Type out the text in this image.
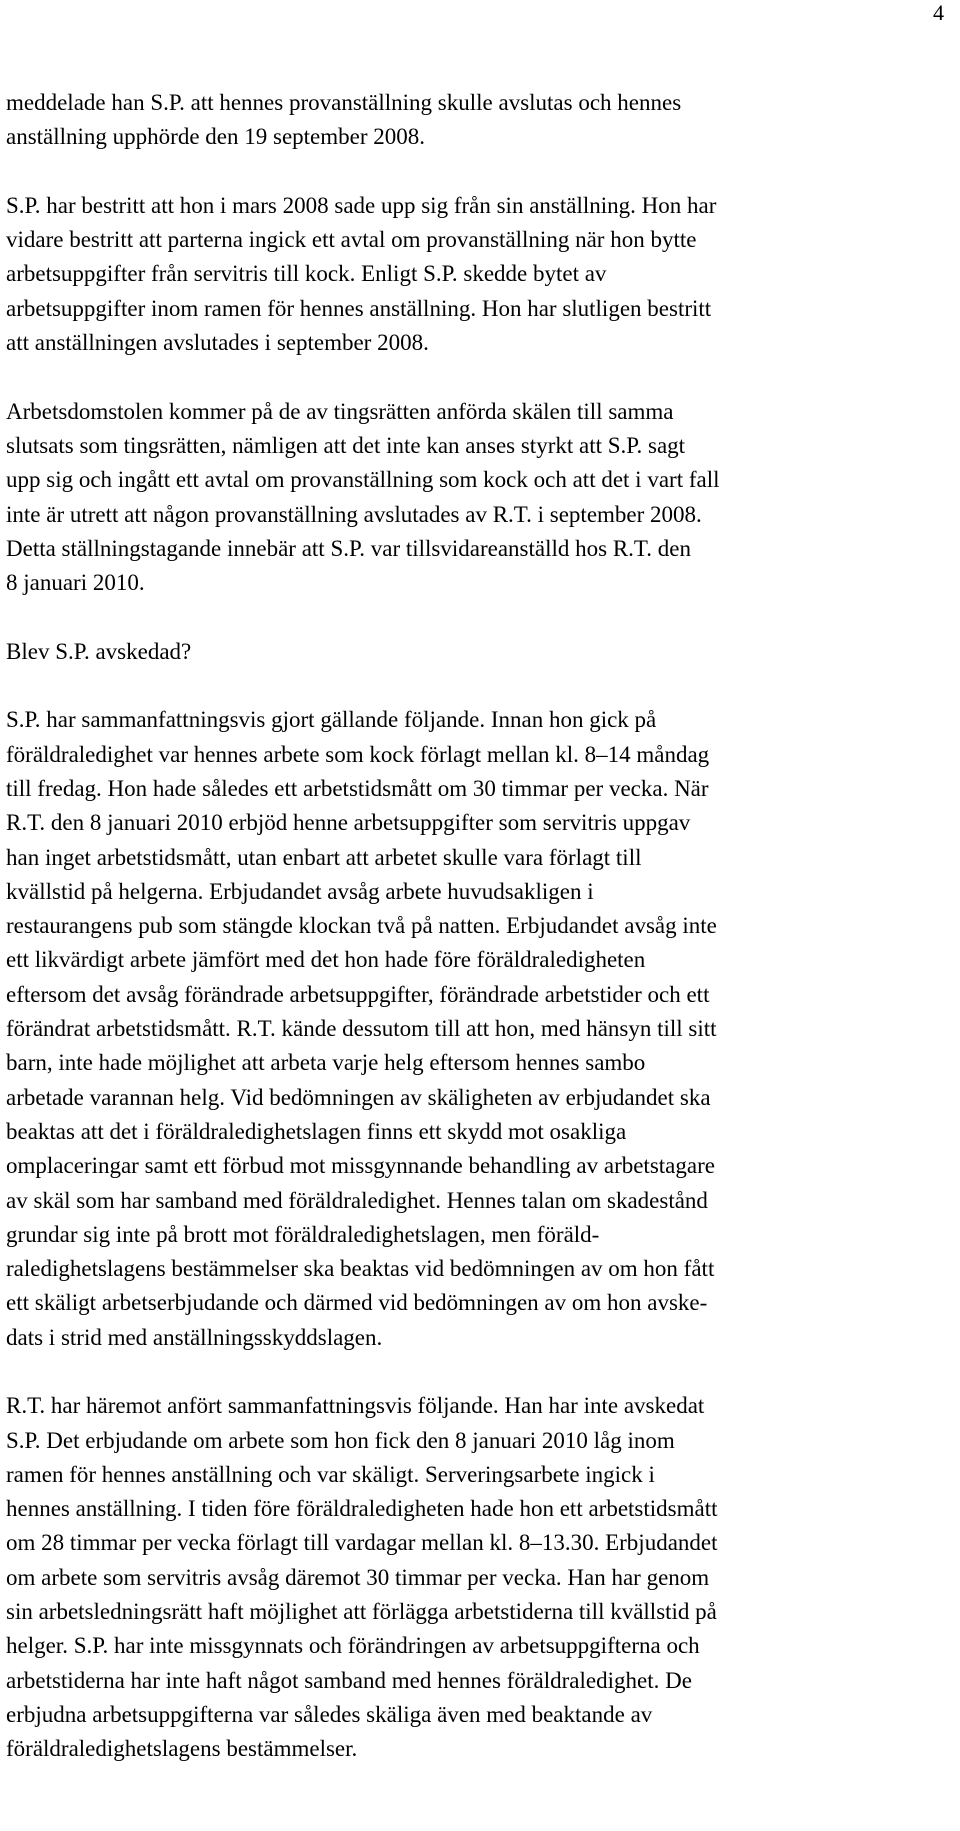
4

meddelade han S.P. att hennes provanställning skulle avslutas och hennes
anställning upphörde den 19 september 2008.

S.P. har bestritt att hon i mars 2008 sade upp sig från sin anställning. Hon har
vidare bestritt att parterna ingick ett avtal om provanställning när hon bytte
arbetsuppgifter från servitris till kock. Enligt S.P. skedde bytet av
arbetsuppgifter inom ramen för hennes anställning. Hon har slutligen bestritt
att anställningen avslutades i september 2008.

Arbetsdomstolen kommer på de av tingsrätten anförda skälen till samma
slutsats som tingsrätten, nämligen att det inte kan anses styrkt att S.P. sagt
upp sig och ingått ett avtal om provanställning som kock och att det i vart fall
inte är utrett att någon provanställning avslutades av R.T. i september 2008.
Detta ställningstagande innebär att S.P. var tillsvidareanställd hos R.T. den
8 januari 2010.

Blev S.P. avskedad?

S.P. har sammanfattningsvis gjort gällande följande. Innan hon gick på
föräldraledighet var hennes arbete som kock förlagt mellan kl. 8–14 måndag
till fredag. Hon hade således ett arbetstidsmått om 30 timmar per vecka. När
R.T. den 8 januari 2010 erbjöd henne arbetsuppgifter som servitris uppgav
han inget arbetstidsmått, utan enbart att arbetet skulle vara förlagt till
kvällstid på helgerna. Erbjudandet avsåg arbete huvudsakligen i
restaurangens pub som stängde klockan två på natten. Erbjudandet avsåg inte
ett likvärdigt arbete jämfört med det hon hade före föräldraledigheten
eftersom det avsåg förändrade arbetsuppgifter, förändrade arbetstider och ett
förändrat arbetstidsmått. R.T. kände dessutom till att hon, med hänsyn till sitt
barn, inte hade möjlighet att arbeta varje helg eftersom hennes sambo
arbetade varannan helg. Vid bedömningen av skäligheten av erbjudandet ska
beaktas att det i föräldraledighetslagen finns ett skydd mot osakliga
omplaceringar samt ett förbud mot missgynnande behandling av arbetstagare
av skäl som har samband med föräldraledighet. Hennes talan om skadestånd
grundar sig inte på brott mot föräldraledighetslagen, men föräld-
raledighetslagens bestämmelser ska beaktas vid bedömningen av om hon fått
ett skäligt arbetserbjudande och därmed vid bedömningen av om hon avske-
dats i strid med anställningsskyddslagen.

R.T. har häremot anfört sammanfattningsvis följande. Han har inte avskedat
S.P. Det erbjudande om arbete som hon fick den 8 januari 2010 låg inom
ramen för hennes anställning och var skäligt. Serveringsarbete ingick i
hennes anställning. I tiden före föräldraledigheten hade hon ett arbetstidsmått
om 28 timmar per vecka förlagt till vardagar mellan kl. 8–13.30. Erbjudandet
om arbete som servitris avsåg däremot 30 timmar per vecka. Han har genom
sin arbetsledningsrätt haft möjlighet att förlägga arbetstiderna till kvällstid på
helger. S.P. har inte missgynnats och förändringen av arbetsuppgifterna och
arbetstiderna har inte haft något samband med hennes föräldraledighet. De
erbjudna arbetsuppgifterna var således skäliga även med beaktande av
föräldraledighetslagens bestämmelser.
